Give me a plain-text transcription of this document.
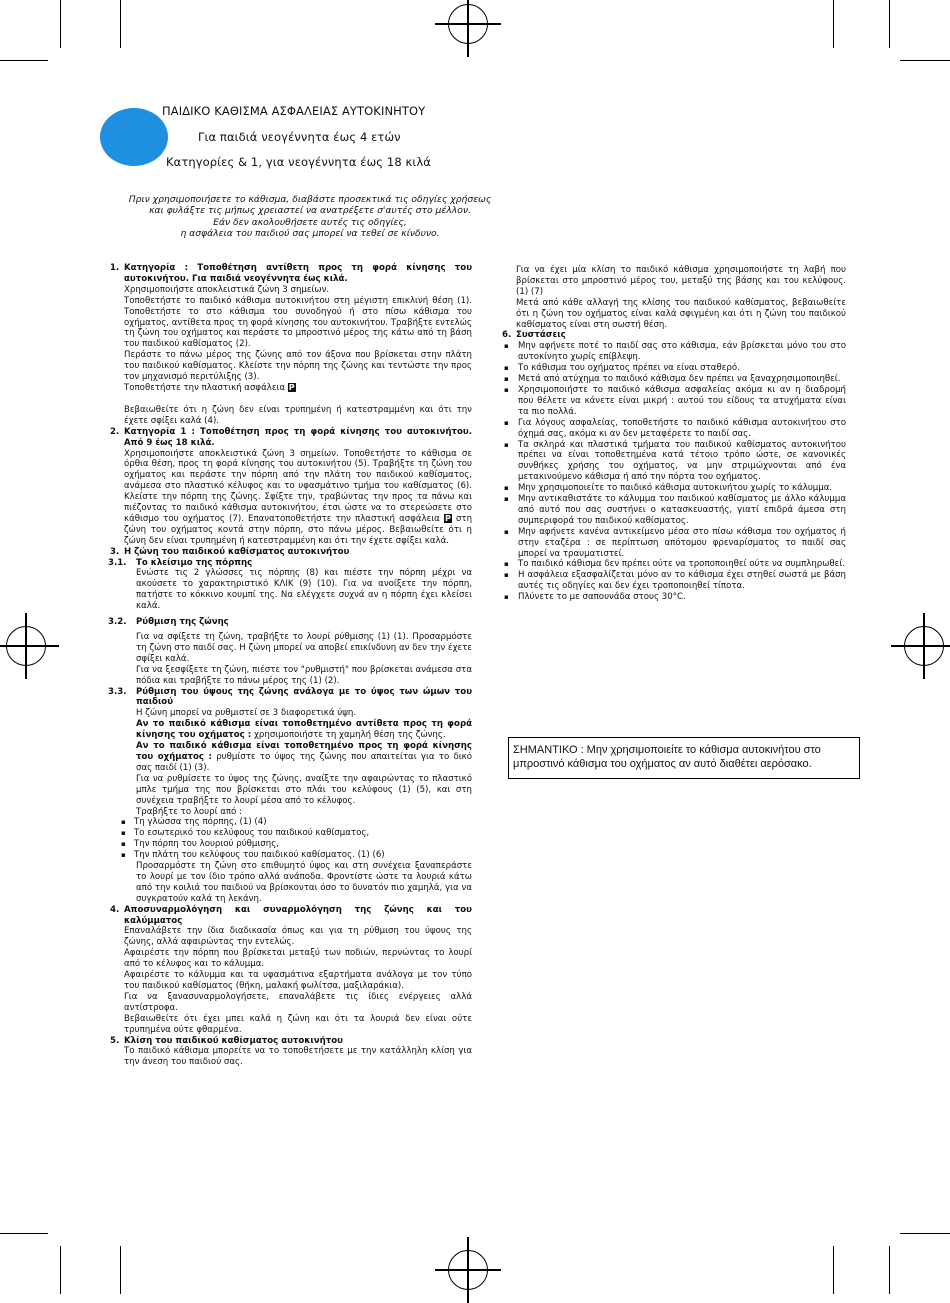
ΠΑΙΔΙΚΟ ΚΑΘΙΣΜΑ ΑΣΦΑΛΕΙΑΣ ΑΥΤΟΚΙΝΗΤΟΥ
Για παιδιά νεογέννητα έως 4 ετών
Κατηγορίες & 1, για νεογέννητα έως 18 κιλά
Πριν χρησιμοποιήσετε το κάθισμα, διαβάστε προσεκτικά τις οδηγίες χρήσεως
και φυλάξτε τις μήπως χρειαστεί να ανατρέξετε σ'αυτές στο μέλλον.
Εάν δεν ακολουθήσετε αυτές τις οδηγίες,
η ασφάλεια του παιδιού σας μπορεί να τεθεί σε κίνδυνο.
1. Κατηγορία : Τοποθέτηση αντίθετη προς τη φορά κίνησης του αυτοκινήτου. Για παιδιά νεογέννητα έως κιλά.

Χρησιμοποιήστε αποκλειστικά ζώνη 3 σημείων.

Τοποθετήστε το παιδικό κάθισμα αυτοκινήτου στη μέγιστη επικλινή θέση (1). Τοποθετήστε το στο κάθισμα του συνοδηγού ή στο πίσω κάθισμα του οχήματος, αντίθετα προς τη φορά κίνησης του αυτοκινήτου. Τραβήξτε εντελώς τη ζώνη του οχήματος και περάστε το μπροστινό μέρος της κάτω από τη βάση του παιδικού καθίσματος (2).

Περάστε το πάνω μέρος της ζώνης από τον άξονα που βρίσκεται στην πλάτη του παιδικού καθίσματος. Κλείστε την πόρπη της ζώνης και τεντώστε την προς τον μηχανισμό περιτύλιξης (3).

Τοποθετήστε την πλαστική ασφάλεια P

Βεβαιωθείτε ότι η ζώνη δεν είναι τρυπημένη ή κατεστραμμένη και ότι την έχετε σφίξει καλά (4).

2. Κατηγορία 1 : Τοποθέτηση προς τη φορά κίνησης του αυτοκινήτου. Από 9 έως 18 κιλά.

Χρησιμοποιήστε αποκλειστικά ζώνη 3 σημείων. Τοποθετήστε το κάθισμα σε όρθια θέση, προς τη φορά κίνησης του αυτοκινήτου (5). Τραβήξτε τη ζώνη του οχήματος και περάστε την πόρπη από την πλάτη του παιδικού καθίσματος, ανάμεσα στο πλαστικό κέλυφος και το υφασμάτινο τμήμα του καθίσματος (6). Κλείστε την πόρπη της ζώνης. Σφίξτε την, τραβώντας την προς τα πάνω και πιέζοντας το παιδικό κάθισμα αυτοκινήτου, έτσι ώστε να το στερεώσετε στο κάθισμο του οχήματος (7). Επανατοποθετήστε την πλαστική ασφάλεια P στη ζώνη του οχήματος κοντά στην πόρπη, στο πάνω μέρος. Βεβαιωθείτε ότι η ζώνη δεν είναι τρυπημένη ή κατεστραμμένη και ότι την έχετε σφίξει καλά.

3. Η ζώνη του παιδικού καθίσματος αυτοκινήτου

3.1. Το κλείσιμο της πόρπης

Ενώστε τις 2 γλώσσες τις πόρπης (8) και πιέστε την πόρπη μέχρι να ακούσετε το χαρακτηριστικό ΚΛΙΚ (9) (10). Για να ανοίξετε την πόρπη, πατήστε το κόκκινο κουμπί της. Να ελέγχετε συχνά αν η πόρπη έχει κλείσει καλά.

3.2. Ρύθμιση της ζώνης

Για να σφίξετε τη ζώνη, τραβήξτε το λουρί ρύθμισης (1) (1). Προσαρμόστε τη ζώνη στο παιδί σας. Η ζώνη μπορεί να αποβεί επικίνδυνη αν δεν την έχετε σφίξει καλά.

Για να ξεσφίξετε τη ζώνη, πιέστε τον "ρυθμιστή" που βρίσκεται ανάμεσα στα πόδια και τραβήξτε το πάνω μέρος της (1) (2).

3.3. Ρύθμιση του ύψους της ζώνης ανάλογα με το ύψος των ώμων του παιδιού

Η ζώνη μπορεί να ρυθμιστεί σε 3 διαφορετικά ύψη.

Αν το παιδικό κάθισμα είναι τοποθετημένο αντίθετα προς τη φορά κίνησης του οχήματος : χρησιμοποιήστε τη χαμηλή θέση της ζώνης.

Αν το παιδικό κάθισμα είναι τοποθετημένο προς τη φορά κίνησης του οχήματος : ρυθμίστε το ύψος της ζώνης που απαιτείται για το δικό σας παιδί (1) (3).

Για να ρυθμίσετε το ύψος της ζώνης, αναίξτε την αφαιρώντας το πλαστικό μπλε τμήμα της που βρίσκεται στο πλάι του κελύφους (1) (5), και στη συνέχεια τραβήξτε το λουρί μέσα από το κέλυφος.

Τραβήξτε το λουρί από :

▪ Τη γλώσσα της πόρπης, (1) (4)
▪ Το εσωτερικό του κελύφους του παιδικού καθίσματος,
▪ Την πόρπη του λουριού ρύθμισης,
▪ Την πλάτη του κελύφους του παιδικού καθίσματος. (1) (6)

Προσαρμόστε τη ζώνη στο επιθυμητό ύψος και στη συνέχεια ξαναπεράστε το λουρί με τον ίδιο τρόπο αλλά ανάποδα. Φροντίστε ώστε τα λουριά κάτω από την κοιλιά του παιδιού να βρίσκονται όσο το δυνατόν πιο χαμηλά, για να συγκρατούν καλά τη λεκάνη.

4. Αποσυναρμολόγηση και συναρμολόγηση της ζώνης και του καλύμματος

Επαναλάβετε την ίδια διαδικασία όπως και για τη ρύθμιση του ύψους της ζώνης, αλλά αφαιρώντας την εντελώς.

Αφαιρέστε την πόρπη που βρίσκεται μεταξύ των ποδιών, περνώντας το λουρί από το κέλυφος και το κάλυμμα.

Αφαιρέστε το κάλυμμα και τα υφασμάτινα εξαρτήματα ανάλογα με τον τύπο του παιδικού καθίσματος (θήκη, μαλακή φωλίτσα, μαξιλαράκια).

Για να ξανασυναρμολογήσετε, επαναλάβετε τις ίδιες ενέργειες αλλά αντίστροφα.

Βεβαιωθείτε ότι έχει μπει καλά η ζώνη και ότι τα λουριά δεν είναι ούτε τρυπημένα ούτε φθαρμένα.

5. Κλίση του παιδικού καθίσματος αυτοκινήτου

Το παιδικό κάθισμα μπορείτε να το τοποθετήσετε με την κατάλληλη κλίση για την άνεση του παιδιού σας.

Για να έχει μία κλίση το παιδικό κάθισμα χρησιμοποιήστε τη λαβή που βρίσκεται στο μπροστινό μέρος του, μεταξύ της βάσης και του κελύφους. (1) (7)

Μετά από κάθε αλλαγή της κλίσης του παιδικού καθίσματος, βεβαιωθείτε ότι η ζώνη του οχήματος είναι καλά σφιγμένη και ότι η ζώνη του παιδικού καθίσματος είναι στη σωστή θέση.

6. Συστάσεις

▪ Μην αφήνετε ποτέ το παιδί σας στο κάθισμα, εάν βρίσκεται μόνο του στο αυτοκίνητο χωρίς επίβλεψη.
▪ Το κάθισμα του οχήματος πρέπει να είναι σταθερό.
▪ Μετά από ατύχημα το παιδικό κάθισμα δεν πρέπει να ξαναχρησιμοποιηθεί.
▪ Χρησιμοποιήστε το παιδικό κάθισμα ασφαλείας ακόμα κι αν η διαδρομή που θέλετε να κάνετε είναι μικρή : αυτού του είδους τα ατυχήματα είναι τα πιο πολλά.
▪ Για λόγους ασφαλείας, τοποθετήστε το παιδικό κάθισμα αυτοκινήτου στο όχημά σας, ακόμα κι αν δεν μεταφέρετε το παιδί σας.
▪ Τα σκληρά και πλαστικά τμήματα του παιδικού καθίσματος αυτοκινήτου πρέπει να είναι τοποθετημένα κατά τέτοιο τρόπο ώστε, σε κανονικές συνθήκες χρήσης του οχήματος, να μην στριμώχνονται από ένα μετακινούμενο κάθισμα ή από την πόρτα του οχήματος.
▪ Μην χρησιμοποιείτε το παιδικό κάθισμα αυτοκινήτου χωρίς το κάλυμμα.
▪ Μην αντικαθιστάτε το κάλυμμα του παιδικού καθίσματος με άλλο κάλυμμα από αυτό που σας συστήνει ο κατασκευαστής, γιατί επιδρά άμεσα στη συμπεριφορά του παιδικού καθίσματος.
▪ Μην αφήνετε κανένα αντικείμενο μέσα στο πίσω κάθισμα του οχήματος ή στην εταζέρα : σε περίπτωση απότομου φρεναρίσματος το παιδί σας μπορεί να τραυματιστεί.
▪ Το παιδικό κάθισμα δεν πρέπει ούτε να τροποποιηθεί ούτε να συμπληρωθεί.
▪ Η ασφάλεια εξασφαλίζεται μόνο αν το κάθισμα έχει στηθεί σωστά με βάση αυτές τις οδηγίες και δεν έχει τροποποιηθεί τίποτα.
▪ Πλύνετε το με σαπουνάδα στους 30°C.
ΣΗΜΑΝΤΙΚΟ : Μην χρησιμοποιείτε το κάθισμα αυτοκινήτου στο μπροστινό κάθισμα του οχήματος αν αυτό διαθέτει αερόσακο.
